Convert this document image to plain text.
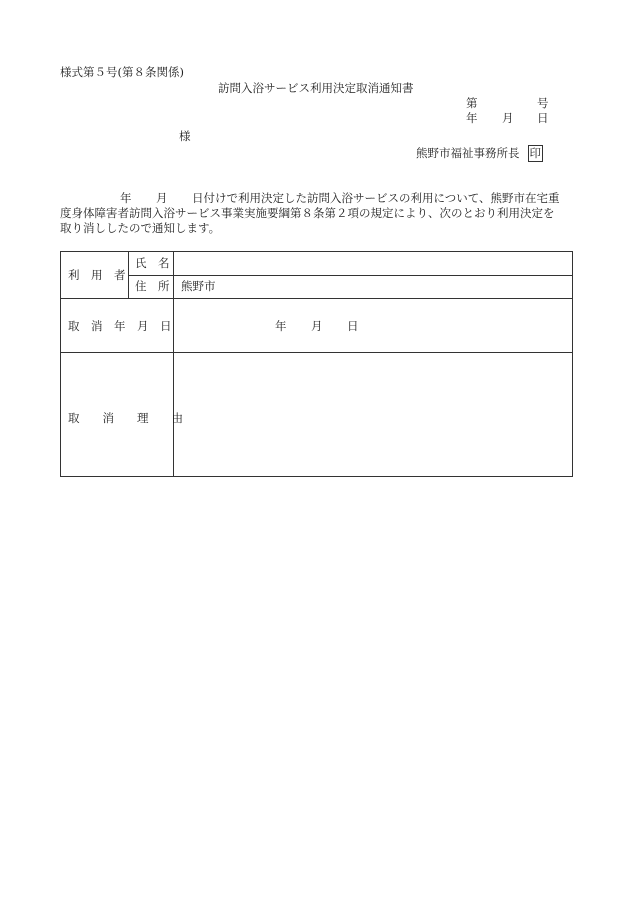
様式第５号(第８条関係)
訪問入浴サービス利用決定取消通知書
第	号
年 月 日
様
熊野市福祉事務所長 印
年 月 日付けで利用決定した訪問入浴サービスの利用について、熊野市在宅重
度身体障害者訪問入浴サービス事業実施要綱第８条第２項の規定により、次のとおり利用決定を
取り消ししたので通知します。
利　用　者
氏　名
住　所 熊野市
取　消　年　月　日	年 月 日
取　　消　　理　　由
